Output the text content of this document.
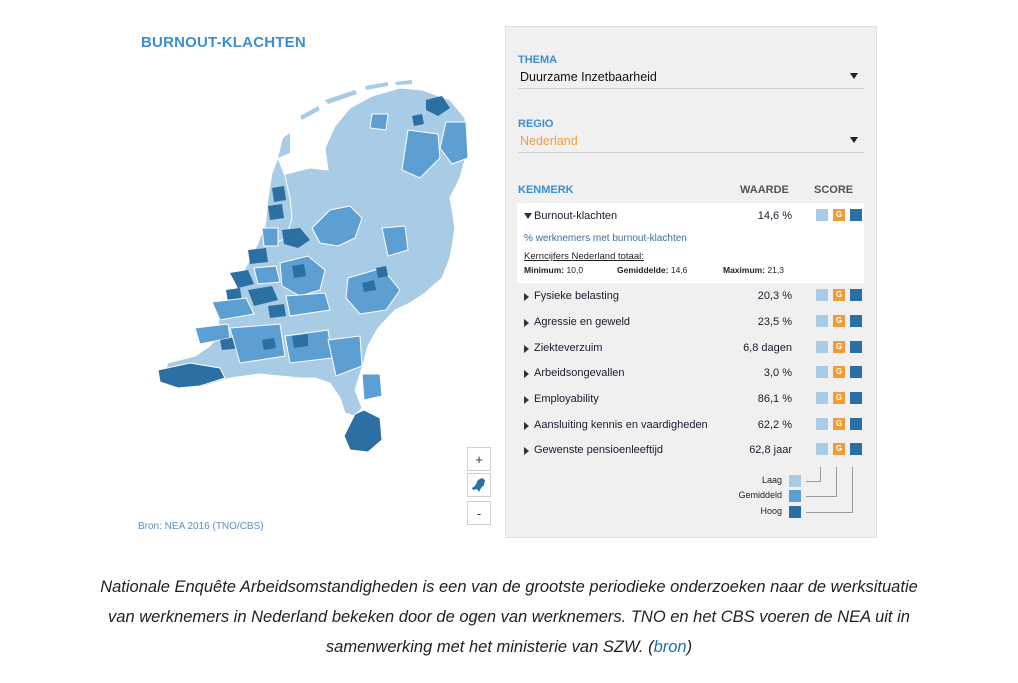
BURNOUT-KLACHTEN
Bron: NEA 2016 (TNO/CBS)
+
-
THEMA
Duurzame Inzetbaarheid
REGIO
Nederland
KENMERK	WAARDE SCORE
Burnout-klachten	14,6 %	G
% werknemers met burnout-klachten
Kerncijfers Nederland totaal:
Minimum: 10,0	Gemiddelde: 14,6	Maximum: 21,3
Fysieke belasting	20,3 %	G
Agressie en geweld	23,5 %	G
Ziekteverzuim	6,8 dagen	G
Arbeidsongevallen	3,0 %	G
Employability	86,1 %	G
Aansluiting kennis en vaardigheden	62,2 %	G
Gewenste pensioenleeftijd	62,8 jaar	G
Laag
Gemiddeld
Hoog
Nationale Enquête Arbeidsomstandigheden is een van de grootste periodieke onderzoeken naar de werksituatie
van werknemers in Nederland bekeken door de ogen van werknemers. TNO en het CBS voeren de NEA uit in
samenwerking met het ministerie van SZW. (bron)
